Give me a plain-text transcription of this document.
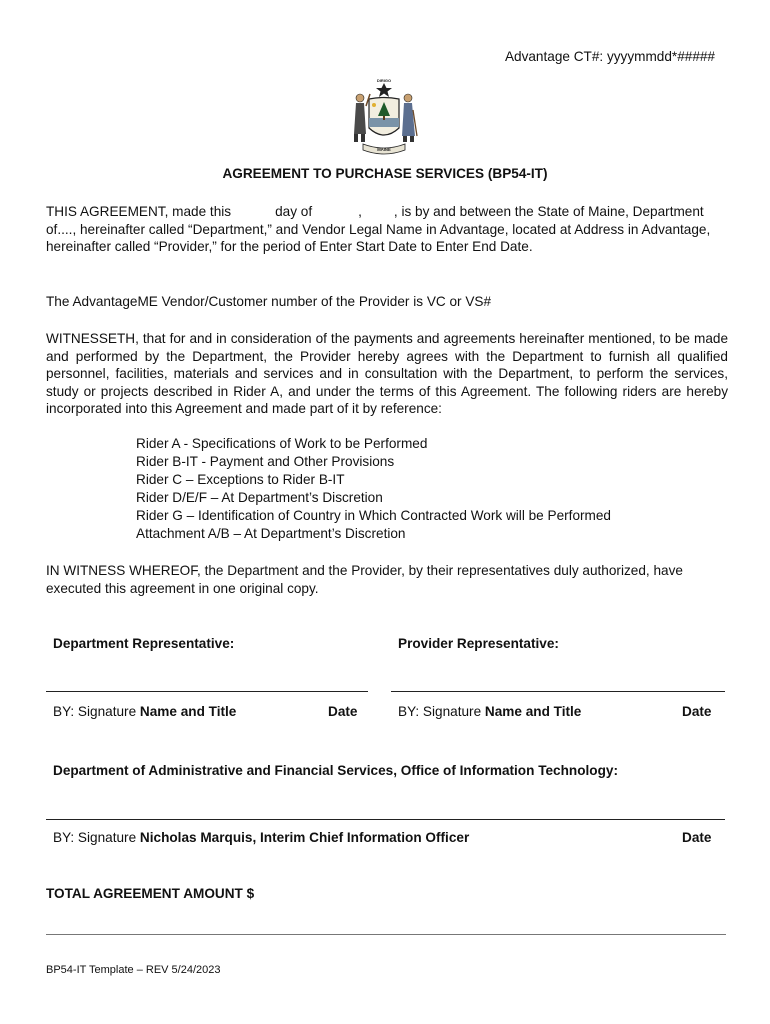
Advantage CT#: yyyymmdd*#####
DIRIGO
MAINE
AGREEMENT TO PURCHASE SERVICES (BP54-IT)
THIS AGREEMENT, made this	day of	, , is by and between the State of Maine, Department of...., hereinafter called “Department,” and Vendor Legal Name in Advantage, located at Address in Advantage, hereinafter called “Provider,” for the period of Enter Start Date to Enter End Date.
The AdvantageME Vendor/Customer number of the Provider is VC or VS#
WITNESSETH, that for and in consideration of the payments and agreements hereinafter mentioned, to be made and performed by the Department, the Provider hereby agrees with the Department to furnish all qualified personnel, facilities, materials and services and in consultation with the Department, to perform the services, study or projects described in Rider A, and under the terms of this Agreement. The following riders are hereby incorporated into this Agreement and made part of it by reference:
Rider A - Specifications of Work to be Performed
Rider B-IT - Payment and Other Provisions
Rider C – Exceptions to Rider B-IT
Rider D/E/F – At Department’s Discretion
Rider G – Identification of Country in Which Contracted Work will be Performed
Attachment A/B – At Department’s Discretion
IN WITNESS WHEREOF, the Department and the Provider, by their representatives duly authorized, have executed this agreement in one original copy.
Department Representative:	Provider Representative:
BY: Signature Name and Title	Date	BY: Signature Name and Title	Date
Department of Administrative and Financial Services, Office of Information Technology:
BY: Signature Nicholas Marquis, Interim Chief Information Officer	Date
TOTAL AGREEMENT AMOUNT $
BP54-IT Template – REV 5/24/2023
